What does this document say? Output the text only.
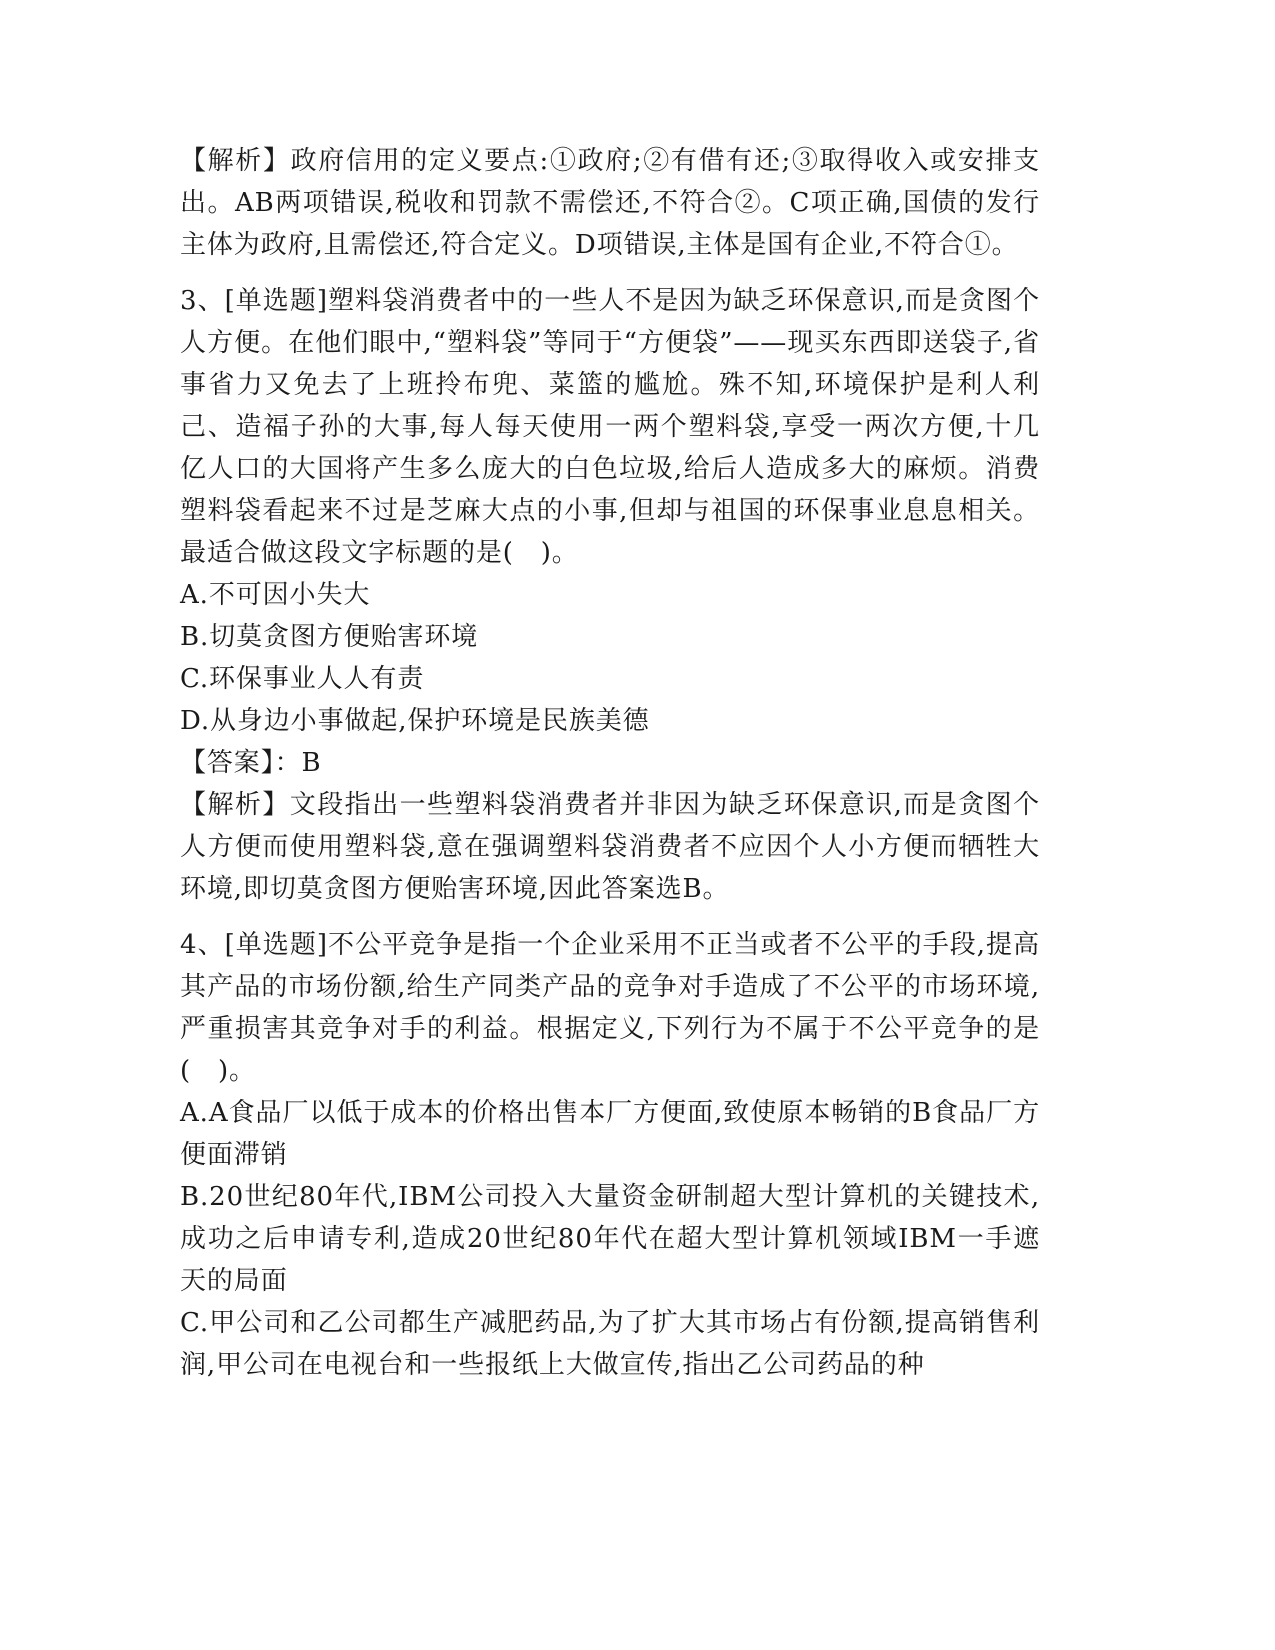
【解析】政府信用的定义要点:①政府;②有借有还;③取得收入或安排支出。AB两项错误,税收和罚款不需偿还,不符合②。C项正确,国债的发行主体为政府,且需偿还,符合定义。D项错误,主体是国有企业,不符合①。

3、[单选题]塑料袋消费者中的一些人不是因为缺乏环保意识,而是贪图个人方便。在他们眼中,“塑料袋”等同于“方便袋”——现买东西即送袋子,省事省力又免去了上班拎布兜、菜篮的尴尬。殊不知,环境保护是利人利己、造福子孙的大事,每人每天使用一两个塑料袋,享受一两次方便,十几亿人口的大国将产生多么庞大的白色垃圾,给后人造成多大的麻烦。消费塑料袋看起来不过是芝麻大点的小事,但却与祖国的环保事业息息相关。最适合做这段文字标题的是(　)。

A.不可因小失大

B.切莫贪图方便贻害环境

C.环保事业人人有责

D.从身边小事做起,保护环境是民族美德

【答案】：B

【解析】文段指出一些塑料袋消费者并非因为缺乏环保意识,而是贪图个人方便而使用塑料袋,意在强调塑料袋消费者不应因个人小方便而牺牲大环境,即切莫贪图方便贻害环境,因此答案选B。

4、[单选题]不公平竞争是指一个企业采用不正当或者不公平的手段,提高其产品的市场份额,给生产同类产品的竞争对手造成了不公平的市场环境,严重损害其竞争对手的利益。根据定义,下列行为不属于不公平竞争的是(　)。

A.A食品厂以低于成本的价格出售本厂方便面,致使原本畅销的B食品厂方便面滞销

B.20世纪80年代,IBM公司投入大量资金研制超大型计算机的关键技术,成功之后申请专利,造成20世纪80年代在超大型计算机领域IBM一手遮天的局面

C.甲公司和乙公司都生产减肥药品,为了扩大其市场占有份额,提高销售利润,甲公司在电视台和一些报纸上大做宣传,指出乙公司药品的种
